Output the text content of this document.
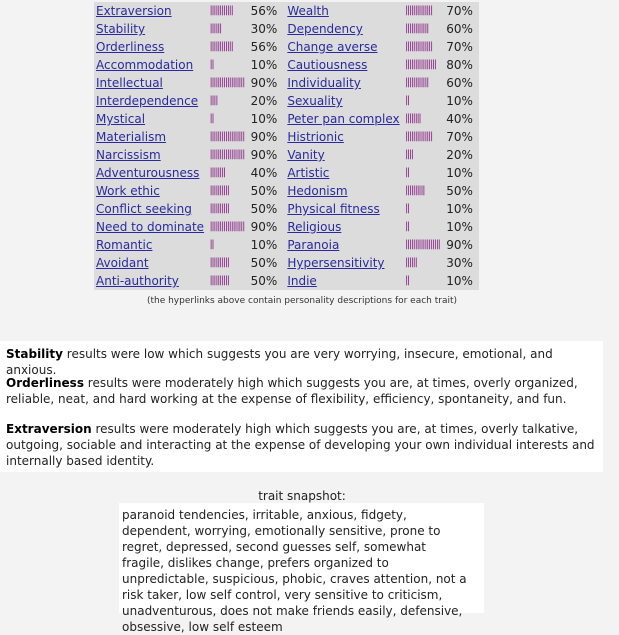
Extraversion	||||||||||||	56%		Wealth	||||||||||||||	70%
Stability	||||||	30%		Dependency	||||||||||||	60%
Orderliness	||||||||||||	56%		Change averse	||||||||||||||	70%
Accommodation	||	10%		Cautiousness	||||||||||||||||	80%
Intellectual	||||||||||||||||||	90%		Individuality	||||||||||||	60%
Interdependence	||||	20%		Sexuality	||	10%
Mystical	||	10%		Peter pan complex	||||||||	40%
Materialism	||||||||||||||||||	90%		Histrionic	||||||||||||||	70%
Narcissism	||||||||||||||||||	90%		Vanity	||||	20%
Adventurousness	||||||||	40%		Artistic	||	10%
Work ethic	||||||||||	50%		Hedonism	||||||||||	50%
Conflict seeking	||||||||||	50%		Physical fitness	||	10%
Need to dominate	||||||||||||||||||	90%		Religious	||	10%
Romantic	||	10%		Paranoia	||||||||||||||||||	90%
Avoidant	||||||||||	50%		Hypersensitivity	||||||	30%
Anti-authority	||||||||||	50%		Indie	||	10%
(the hyperlinks above contain personality descriptions for each trait)
Stability results were low which suggests you are very worrying, insecure, emotional, and anxious.
Orderliness results were moderately high which suggests you are, at times, overly organized, reliable, neat, and hard working at the expense of flexibility, efficiency, spontaneity, and fun.
Extraversion results were moderately high which suggests you are, at times, overly talkative, outgoing, sociable and interacting at the expense of developing your own individual interests and internally based identity.
trait snapshot:
paranoid tendencies, irritable, anxious, fidgety, dependent, worrying, emotionally sensitive, prone to regret, depressed, second guesses self, somewhat fragile, dislikes change, prefers organized to unpredictable, suspicious, phobic, craves attention, not a risk taker, low self control, very sensitive to criticism, unadventurous, does not make friends easily, defensive, obsessive, low self esteem
